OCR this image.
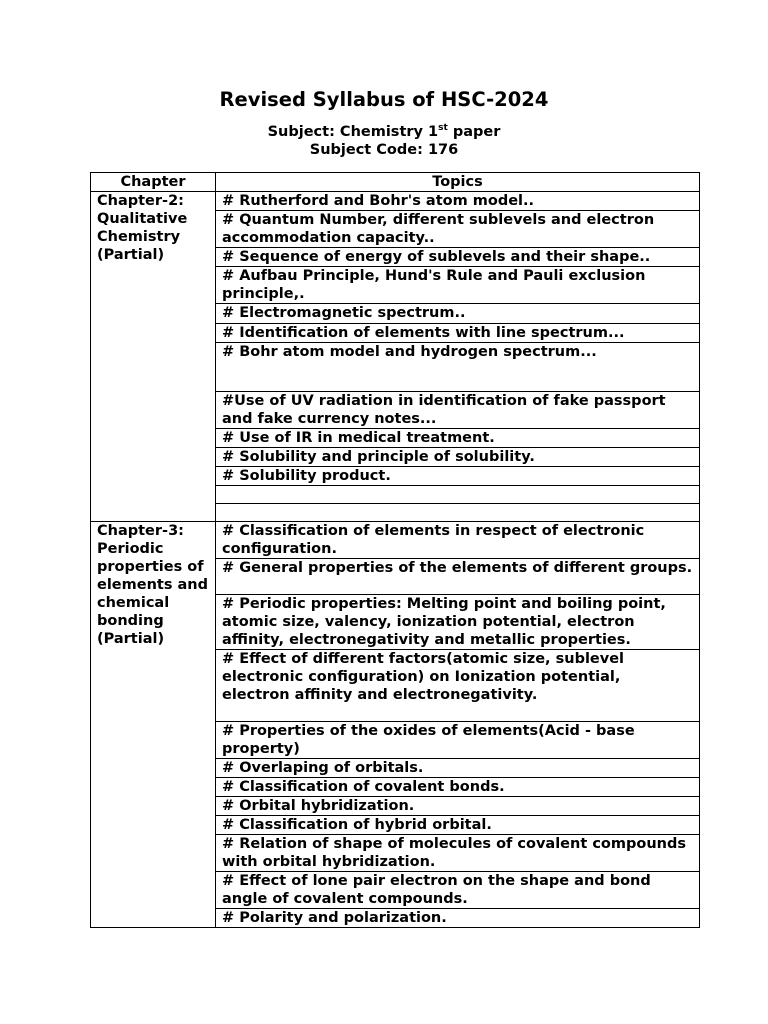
Revised Syllabus of HSC-2024
Subject: Chemistry 1st paper
Subject Code: 176
Chapter	Topics
Chapter-2: Qualitative Chemistry (Partial)	# Rutherford and Bohr's atom model..
	# Quantum Number, different sublevels and electron accommodation capacity..
	# Sequence of energy of sublevels and their shape..
	# Aufbau Principle, Hund's Rule and Pauli exclusion principle,.
	# Electromagnetic spectrum..
	# Identification of elements with line spectrum...
	# Bohr atom model and hydrogen spectrum...
	#Use of UV radiation in identification of fake passport and fake currency notes...
	# Use of IR in medical treatment.
	# Solubility and principle of solubility.
	# Solubility product.

Chapter-3: Periodic properties of elements and chemical bonding (Partial)	# Classification of elements in respect of electronic configuration.
	# General properties of the elements of different groups.
	# Periodic properties: Melting point and boiling point, atomic size, valency, ionization potential, electron affinity, electronegativity and metallic properties.
	# Effect of different factors(atomic size, sublevel electronic configuration) on Ionization potential, electron affinity and electronegativity.
	# Properties of the oxides of elements(Acid - base property)
	# Overlaping of orbitals.
	# Classification of covalent bonds.
	# Orbital hybridization.
	# Classification of hybrid orbital.
	# Relation of shape of molecules of covalent compounds with orbital hybridization.
	# Effect of lone pair electron on the shape and bond angle of covalent compounds.
	# Polarity and polarization.
